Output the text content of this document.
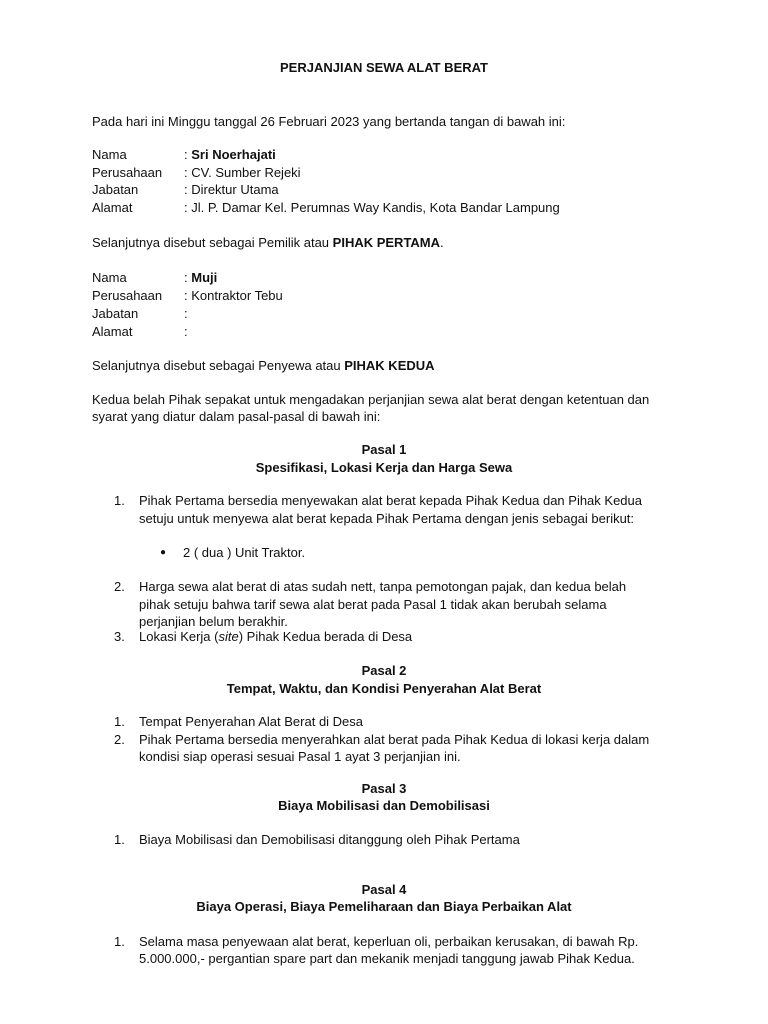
PERJANJIAN SEWA ALAT BERAT
Pada hari ini Minggu tanggal 26 Februari 2023 yang bertanda tangan di bawah ini:
Nama	: Sri Noerhajati
Perusahaan : CV. Sumber Rejeki
Jabatan	: Direktur Utama
Alamat	: Jl. P. Damar Kel. Perumnas Way Kandis, Kota Bandar Lampung
Selanjutnya disebut sebagai Pemilik atau PIHAK PERTAMA.
Nama	: Muji
Perusahaan : Kontraktor Tebu
Jabatan	:
Alamat	:
Selanjutnya disebut sebagai Penyewa atau PIHAK KEDUA
Kedua belah Pihak sepakat untuk mengadakan perjanjian sewa alat berat dengan ketentuan dan
syarat yang diatur dalam pasal-pasal di bawah ini:
Pasal 1
Spesifikasi, Lokasi Kerja dan Harga Sewa
1. Pihak Pertama bersedia menyewakan alat berat kepada Pihak Kedua dan Pihak Kedua
setuju untuk menyewa alat berat kepada Pihak Pertama dengan jenis sebagai berikut:
● 2 ( dua ) Unit Traktor.
2. Harga sewa alat berat di atas sudah nett, tanpa pemotongan pajak, dan kedua belah
pihak setuju bahwa tarif sewa alat berat pada Pasal 1 tidak akan berubah selama
perjanjian belum berakhir.
3. Lokasi Kerja (site) Pihak Kedua berada di Desa
Pasal 2
Tempat, Waktu, dan Kondisi Penyerahan Alat Berat
1. Tempat Penyerahan Alat Berat di Desa
2. Pihak Pertama bersedia menyerahkan alat berat pada Pihak Kedua di lokasi kerja dalam
kondisi siap operasi sesuai Pasal 1 ayat 3 perjanjian ini.
Pasal 3
Biaya Mobilisasi dan Demobilisasi
1. Biaya Mobilisasi dan Demobilisasi ditanggung oleh Pihak Pertama
Pasal 4
Biaya Operasi, Biaya Pemeliharaan dan Biaya Perbaikan Alat
1. Selama masa penyewaan alat berat, keperluan oli, perbaikan kerusakan, di bawah Rp.
5.000.000,- pergantian spare part dan mekanik menjadi tanggung jawab Pihak Kedua.
